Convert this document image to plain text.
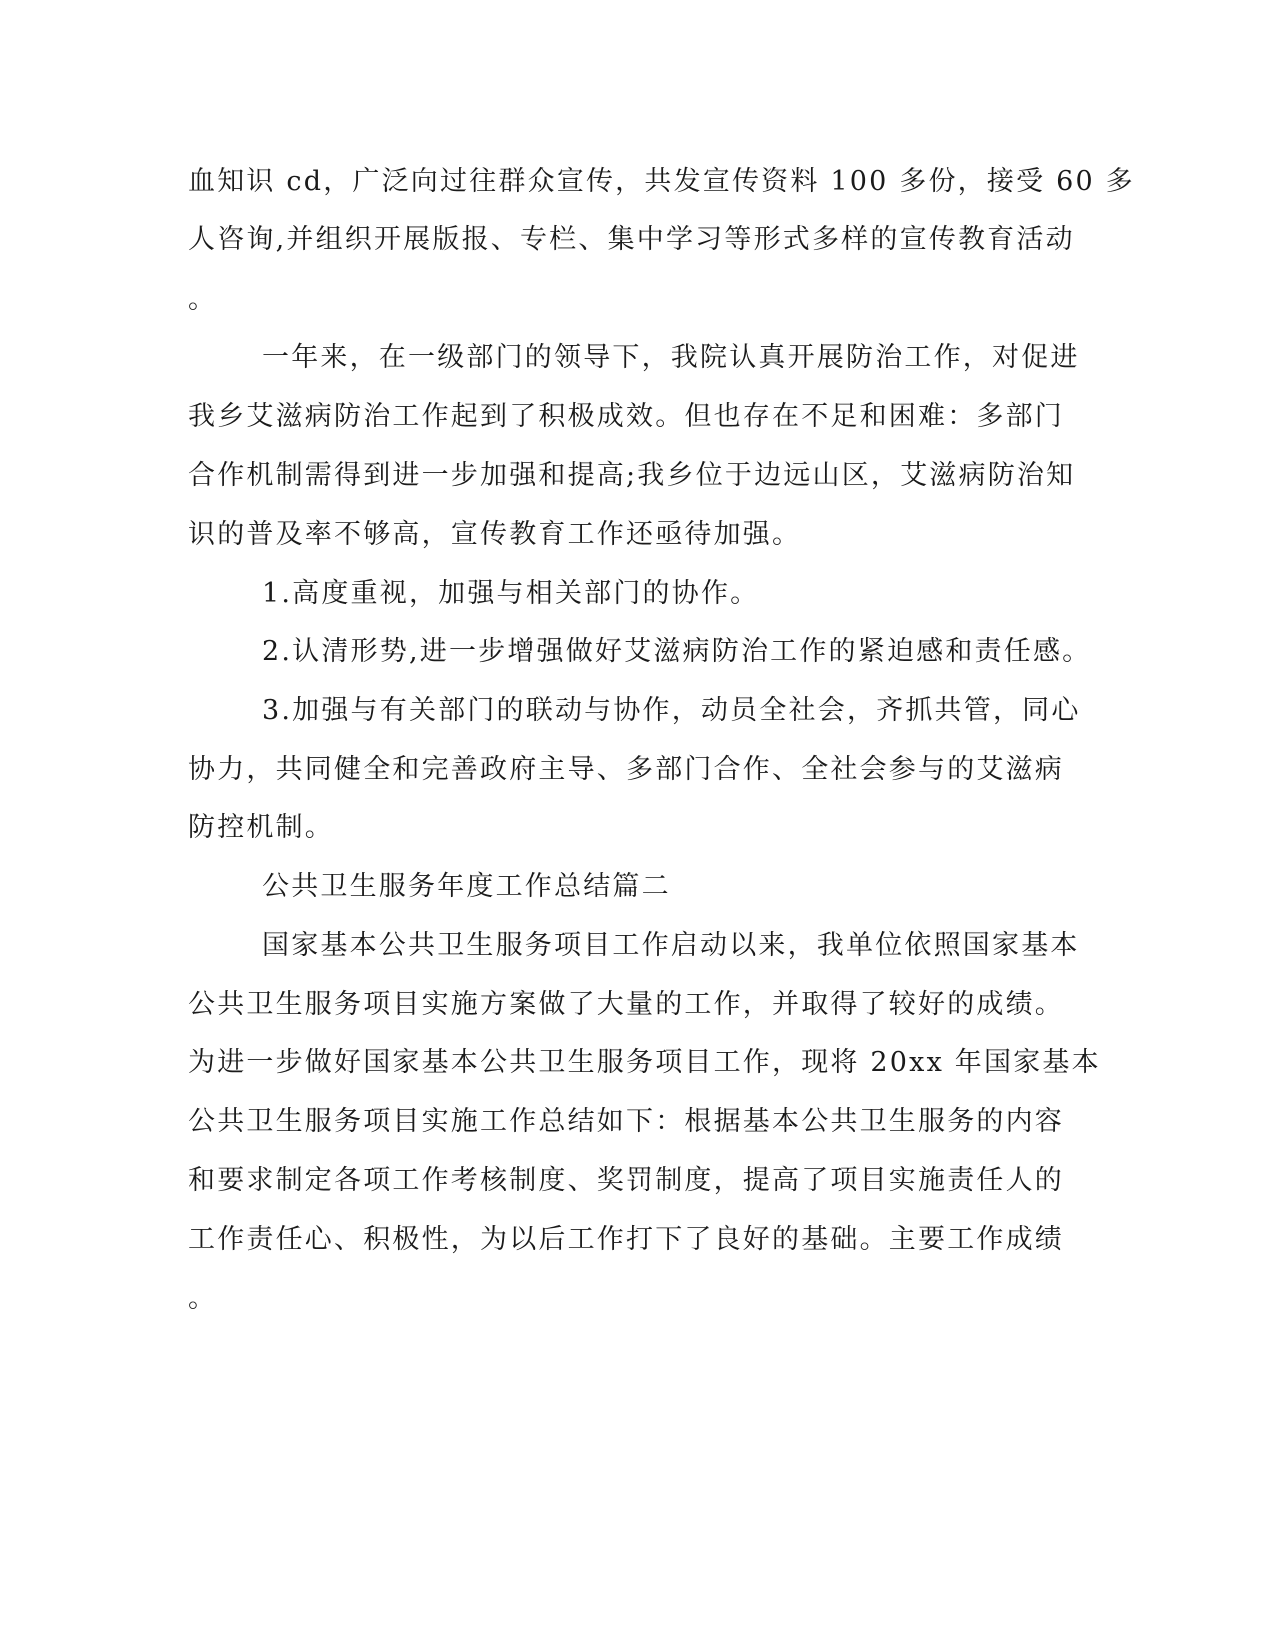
血知识 cd，广泛向过往群众宣传，共发宣传资料 100 多份，接受 60 多
人咨询,并组织开展版报、专栏、集中学习等形式多样的宣传教育活动
。
一年来，在一级部门的领导下，我院认真开展防治工作，对促进
我乡艾滋病防治工作起到了积极成效。但也存在不足和困难：多部门
合作机制需得到进一步加强和提高;我乡位于边远山区，艾滋病防治知
识的普及率不够高，宣传教育工作还亟待加强。
1.高度重视，加强与相关部门的协作。
2.认清形势,进一步增强做好艾滋病防治工作的紧迫感和责任感。
3.加强与有关部门的联动与协作，动员全社会，齐抓共管，同心
协力，共同健全和完善政府主导、多部门合作、全社会参与的艾滋病
防控机制。
公共卫生服务年度工作总结篇二
国家基本公共卫生服务项目工作启动以来，我单位依照国家基本
公共卫生服务项目实施方案做了大量的工作，并取得了较好的成绩。
为进一步做好国家基本公共卫生服务项目工作，现将 20xx 年国家基本
公共卫生服务项目实施工作总结如下：根据基本公共卫生服务的内容
和要求制定各项工作考核制度、奖罚制度，提高了项目实施责任人的
工作责任心、积极性，为以后工作打下了良好的基础。主要工作成绩
。
